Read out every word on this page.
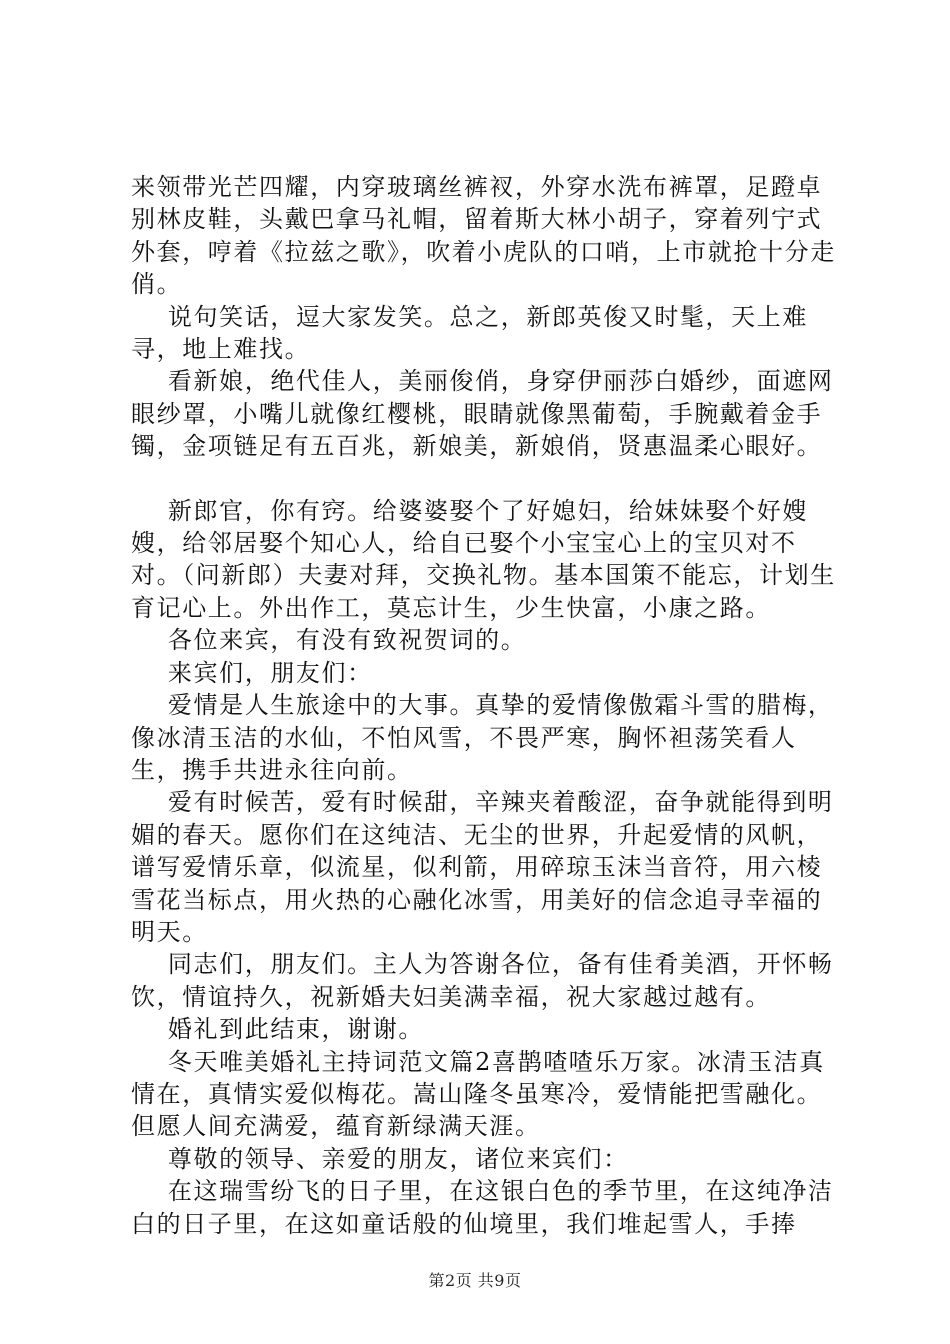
来领带光芒四耀，内穿玻璃丝裤衩，外穿水洗布裤罩，足蹬卓别林皮鞋，头戴巴拿马礼帽，留着斯大林小胡子，穿着列宁式外套，哼着《拉兹之歌》，吹着小虎队的口哨，上市就抢十分走俏。

说句笑话，逗大家发笑。总之，新郎英俊又时髦，天上难寻，地上难找。

看新娘，绝代佳人，美丽俊俏，身穿伊丽莎白婚纱，面遮网眼纱罩，小嘴儿就像红樱桃，眼睛就像黑葡萄，手腕戴着金手镯，金项链足有五百兆，新娘美，新娘俏，贤惠温柔心眼好。

新郎官，你有窍。给婆婆娶个了好媳妇，给妹妹娶个好嫂嫂，给邻居娶个知心人，给自已娶个小宝宝心上的宝贝对不对。（问新郎）夫妻对拜，交换礼物。基本国策不能忘，计划生育记心上。外出作工，莫忘计生，少生快富，小康之路。

各位来宾，有没有致祝贺词的。

来宾们，朋友们：

爱情是人生旅途中的大事。真挚的爱情像傲霜斗雪的腊梅，像冰清玉洁的水仙，不怕风雪，不畏严寒，胸怀袒荡笑看人生，携手共进永往向前。

爱有时候苦，爱有时候甜，辛辣夹着酸涩，奋争就能得到明媚的春天。愿你们在这纯洁、无尘的世界，升起爱情的风帆，谱写爱情乐章，似流星，似利箭，用碎琼玉沫当音符，用六棱雪花当标点，用火热的心融化冰雪，用美好的信念追寻幸福的明天。

同志们，朋友们。主人为答谢各位，备有佳肴美酒，开怀畅饮，情谊持久，祝新婚夫妇美满幸福，祝大家越过越有。

婚礼到此结束，谢谢。

冬天唯美婚礼主持词范文篇2喜鹊喳喳乐万家。冰清玉洁真情在，真情实爱似梅花。嵩山隆冬虽寒冷，爱情能把雪融化。但愿人间充满爱，蕴育新绿满天涯。

尊敬的领导、亲爱的朋友，诸位来宾们：

在这瑞雪纷飞的日子里，在这银白色的季节里，在这纯净洁白的日子里，在这如童话般的仙境里，我们堆起雪人，手捧

第2页 共9页
